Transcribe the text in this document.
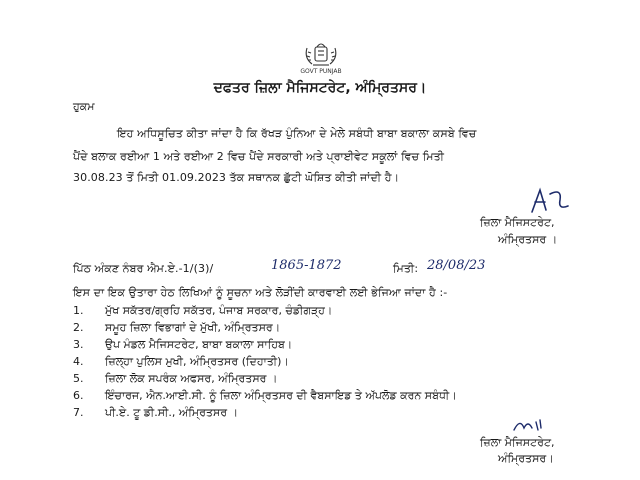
GOVT PUNJAB
ਦਫਤਰ ਜ਼ਿਲਾ ਮੈਜਿਸਟਰੇਟ, ਅੰਮ੍ਰਿਤਸਰ।
ਹੁਕਮ
ਇਹ ਅਧਿਸੂਚਿਤ ਕੀਤਾ ਜਾਂਦਾ ਹੈ ਕਿ ਰੱਖੜ ਪੁੰਨਿਆ ਦੇ ਮੇਲੇ ਸਬੰਧੀ ਬਾਬਾ ਬਕਾਲਾ ਕਸਬੇ ਵਿਚ
ਪੈਂਦੇ ਬਲਾਕ ਰਈਆ 1 ਅਤੇ ਰਈਆ 2 ਵਿਚ ਪੈਂਦੇ ਸਰਕਾਰੀ ਅਤੇ ਪ੍ਰਾਈਵੇਟ ਸਕੂਲਾਂ ਵਿਚ ਮਿਤੀ
30.08.23 ਤੋਂ ਮਿਤੀ 01.09.2023 ਤੱਕ ਸਥਾਨਕ ਛੁੱਟੀ ਘੋਸ਼ਿਤ ਕੀਤੀ ਜਾਂਦੀ ਹੈ।
ਜ਼ਿਲਾ ਮੈਜਿਸਟਰੇਟ,
ਅੰਮ੍ਰਿਤਸਰ ।
ਪਿੱਠ ਅੰਕਣ ਨੰਬਰ ਐਮ.ਏ.-1/(3)/	1865-1872	ਮਿਤੀ: 28/08/23
ਇਸ ਦਾ ਇਕ ਉਤਾਰਾ ਹੇਠ ਲਿਖਿਆਂ ਨੂੰ ਸੂਚਨਾ ਅਤੇ ਲੋੜੀਂਦੀ ਕਾਰਵਾਈ ਲਈ ਭੇਜਿਆ ਜਾਂਦਾ ਹੈ :-
1. ਮੁੱਖ ਸਕੱਤਰ/ਗ੍ਰਹਿ ਸਕੱਤਰ, ਪੰਜਾਬ ਸਰਕਾਰ, ਚੰਡੀਗੜ੍ਹ।
2. ਸਮੂਹ ਜ਼ਿਲਾ ਵਿਭਾਗਾਂ ਦੇ ਮੁੱਖੀ, ਅੰਮ੍ਰਿਤਸਰ।
3. ਉਪ ਮੰਡਲ ਮੈਜਿਸਟਰੇਟ, ਬਾਬਾ ਬਕਾਲਾ ਸਾਹਿਬ।
4. ਜ਼ਿਲ੍ਹਾ ਪੁਲਿਸ ਮੁਖੀ, ਅੰਮ੍ਰਿਤਸਰ (ਦਿਹਾਤੀ)।
5. ਜ਼ਿਲਾ ਲੋਕ ਸਪਰੰਕ ਅਫਸਰ, ਅੰਮ੍ਰਿਤਸਰ ।
6. ਇੰਚਾਰਜ, ਐਨ.ਆਈ.ਸੀ. ਨੂੰ ਜ਼ਿਲਾ ਅੰਮ੍ਰਿਤਸਰ ਦੀ ਵੈਬਸਾਇਡ ਤੇ ਅੱਪਲੋਡ ਕਰਨ ਸਬੰਧੀ।
7. ਪੀ.ਏ. ਟੂ ਡੀ.ਸੀ., ਅੰਮ੍ਰਿਤਸਰ ।
ਜ਼ਿਲਾ ਮੈਜਿਸਟਰੇਟ,
ਅੰਮ੍ਰਿਤਸਰ।
